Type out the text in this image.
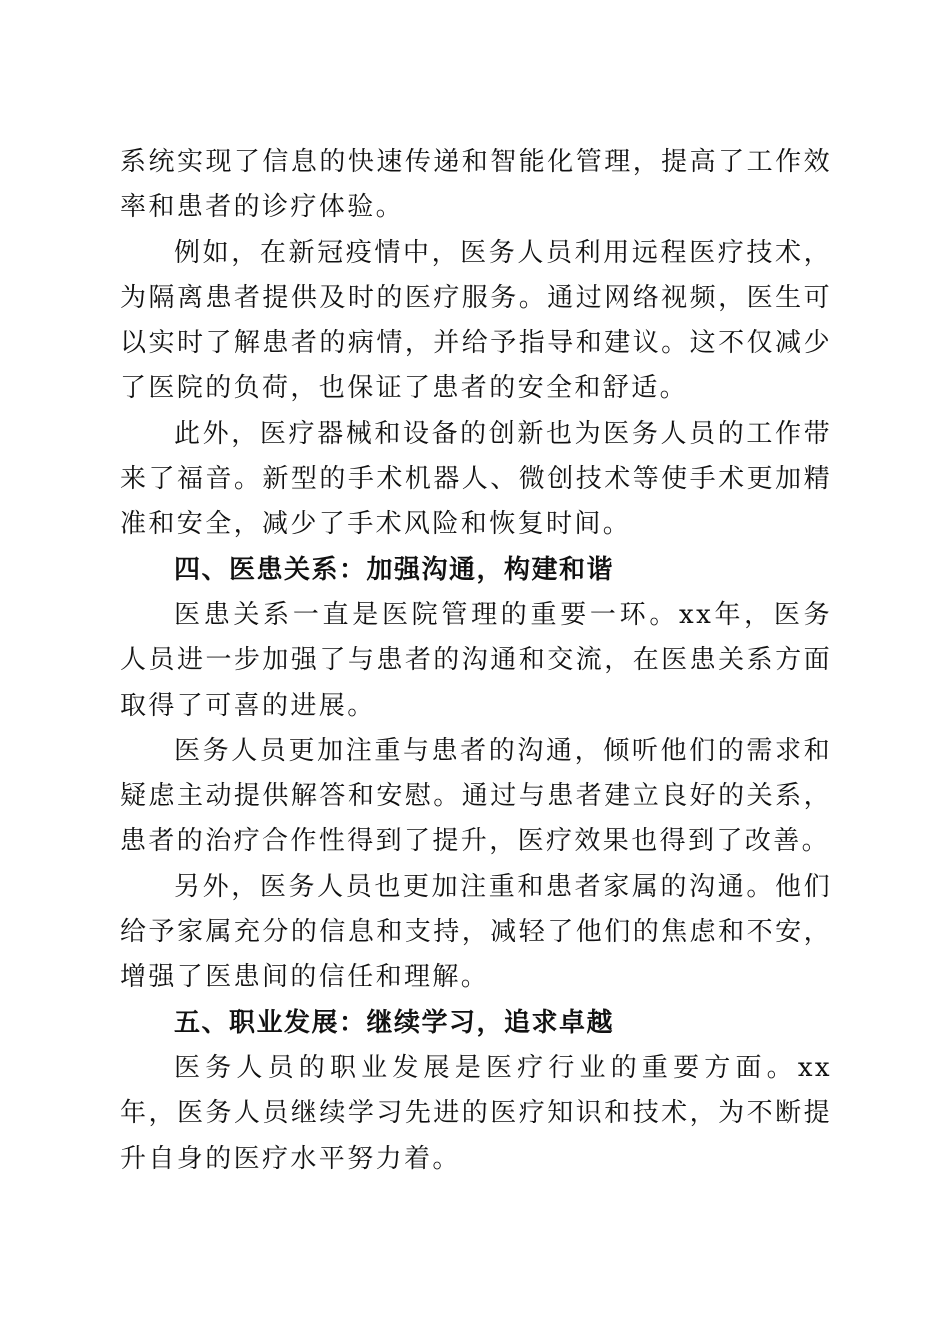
系统实现了信息的快速传递和智能化管理，提高了工作效率和患者的诊疗体验。

例如，在新冠疫情中，医务人员利用远程医疗技术，为隔离患者提供及时的医疗服务。通过网络视频，医生可以实时了解患者的病情，并给予指导和建议。这不仅减少了医院的负荷，也保证了患者的安全和舒适。

此外，医疗器械和设备的创新也为医务人员的工作带来了福音。新型的手术机器人、微创技术等使手术更加精准和安全，减少了手术风险和恢复时间。

四、医患关系：加强沟通，构建和谐

医患关系一直是医院管理的重要一环。xx年，医务人员进一步加强了与患者的沟通和交流，在医患关系方面取得了可喜的进展。

医务人员更加注重与患者的沟通，倾听他们的需求和疑虑主动提供解答和安慰。通过与患者建立良好的关系，患者的治疗合作性得到了提升，医疗效果也得到了改善。

另外，医务人员也更加注重和患者家属的沟通。他们给予家属充分的信息和支持，减轻了他们的焦虑和不安，增强了医患间的信任和理解。

五、职业发展：继续学习，追求卓越

医务人员的职业发展是医疗行业的重要方面。xx年，医务人员继续学习先进的医疗知识和技术，为不断提升自身的医疗水平努力着。
